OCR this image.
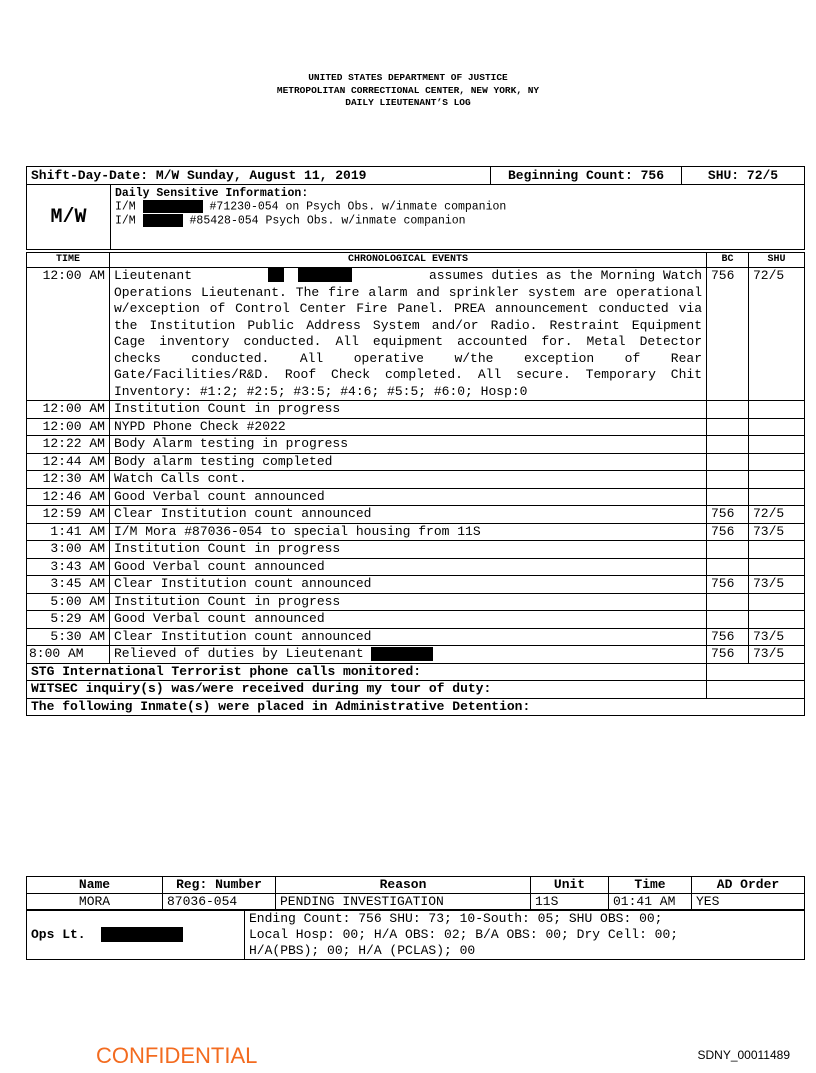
UNITED STATES DEPARTMENT OF JUSTICE
METROPOLITAN CORRECTIONAL CENTER, NEW YORK, NY
DAILY LIEUTENANT’S LOG
Shift-Day-Date: M/W Sunday, August 11, 2019	Beginning Count: 756	SHU: 72/5
M/W	
Daily Sensitive Information:
I/M	#71230-054 on Psych Obs. w/inmate companion
I/M	#85428-054 Psych Obs. w/inmate companion
TIME	CHRONOLOGICAL EVENTS	BC	SHU
12:00 AM	Lieutenant assumes duties as the Morning Watch
Operations Lieutenant. The fire alarm and sprinkler system are operational w/exception of Control Center Fire Panel. PREA announcement conducted via the Institution Public Address System and/or Radio. Restraint Equipment Cage inventory conducted. All equipment accounted for. Metal Detector checks conducted. All operative w/the exception of Rear Gate/Facilities/R&D. Roof Check completed. All secure. Temporary Chit Inventory: #1:2; #2:5; #3:5; #4:6; #5:5; #6:0; Hosp:0	756	72/5
12:00 AM	Institution Count in progress		
12:00 AM	NYPD Phone Check #2022		
12:22 AM	Body Alarm testing in progress		
12:44 AM	Body alarm testing completed		
12:30 AM	Watch Calls cont.		
12:46 AM	Good Verbal count announced		
12:59 AM	Clear Institution count announced	756	72/5
1:41 AM	I/M Mora #87036-054 to special housing from 11S	756	73/5
3:00 AM	Institution Count in progress		
3:43 AM	Good Verbal count announced		
3:45 AM	Clear Institution count announced	756	73/5
5:00 AM	Institution Count in progress		
5:29 AM	Good Verbal count announced		
5:30 AM	Clear Institution count announced	756	73/5
8:00 AM	Relieved of duties by Lieutenant	756	73/5
STG International Terrorist phone calls monitored:			
WITSEC inquiry(s) was/were received during my tour of duty:			
The following Inmate(s) were placed in Administrative Detention:			
Name	Reg: Number	Reason	Unit	Time	AD Order
MORA	87036-054	PENDING INVESTIGATION	11S	01:41 AM	YES
Ops Lt.	
Ending Count: 756 SHU: 73; 10-South: 05; SHU OBS: 00;
Local Hosp: 00; H/A OBS: 02; B/A OBS: 00; Dry Cell: 00;
H/A(PBS); 00; H/A (PCLAS); 00
CONFIDENTIAL	SDNY_00011489
